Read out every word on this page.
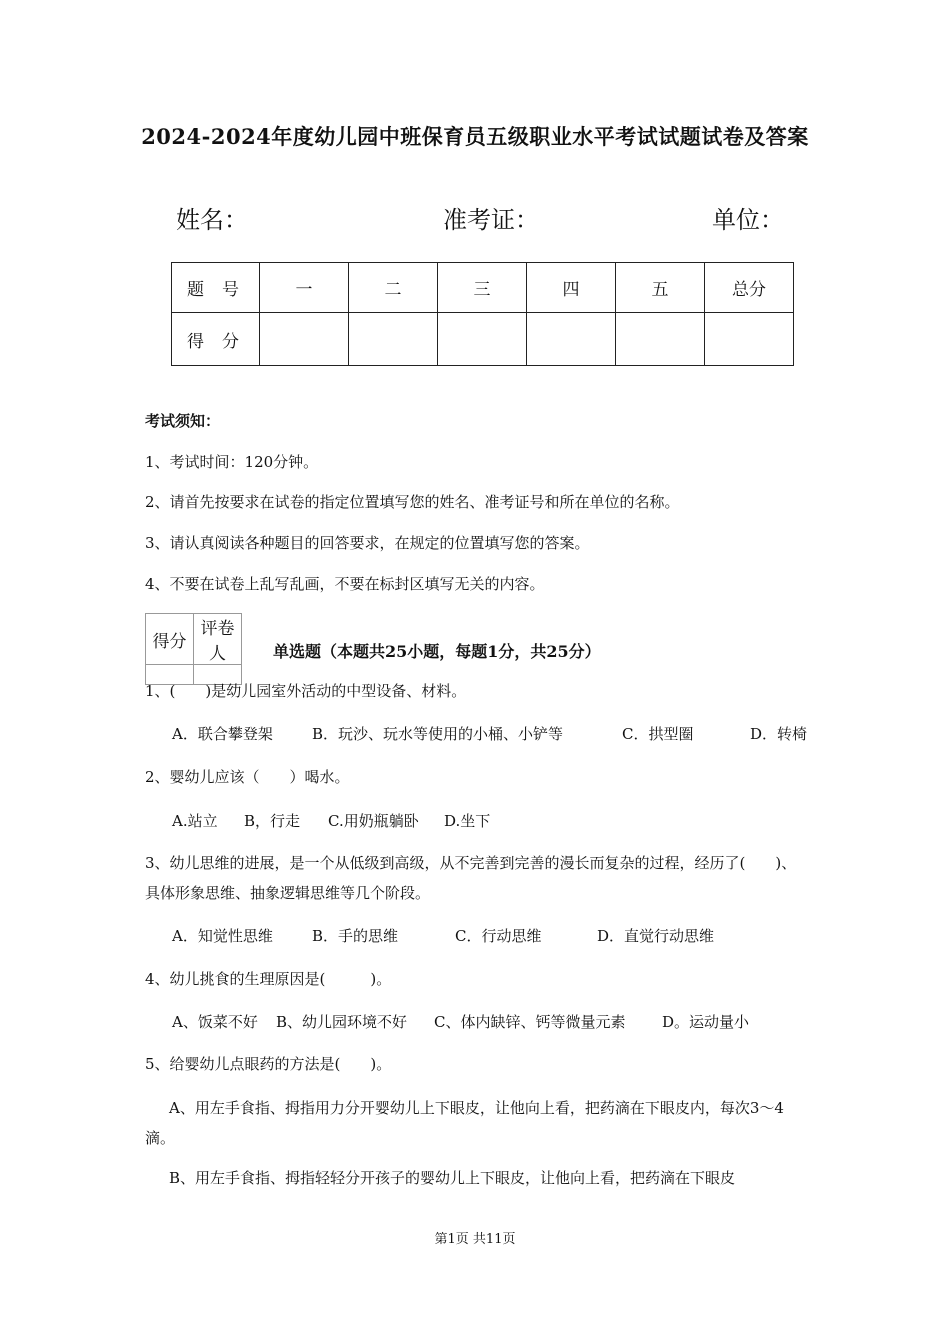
2024-2024年度幼儿园中班保育员五级职业水平考试试题试卷及答案
姓名：	准考证：	单位：
题号	一	二	三	四	五	总分
得分						
考试须知：
1、考试时间：120分钟。
2、请首先按要求在试卷的指定位置填写您的姓名、准考证号和所在单位的名称。
3、请认真阅读各种题目的回答要求，在规定的位置填写您的答案。
4、不要在试卷上乱写乱画，不要在标封区填写无关的内容。
得分	评卷人
		单选题（本题共25小题，每题1分，共25分）
1、(　　)是幼儿园室外活动的中型设备、材料。
A．联合攀登架	B．玩沙、玩水等使用的小桶、小铲等	C．拱型圈	D．转椅
2、婴幼儿应该（　　）喝水。
A.站立 B，行走 C.用奶瓶躺卧 D.坐下
3、幼儿思维的进展，是一个从低级到高级，从不完善到完善的漫长而复杂的过程，经历了(　　)、具体形象思维、抽象逻辑思维等几个阶段。
A．知觉性思维	B．手的思维	C．行动思维	D．直觉行动思维
4、幼儿挑食的生理原因是(　　　)。
A、饭菜不好 B、幼儿园环境不好 C、体内缺锌、钙等微量元素 D。运动量小
5、给婴幼儿点眼药的方法是(　　)。
A、用左手食指、拇指用力分开婴幼儿上下眼皮，让他向上看，把药滴在下眼皮内，每次3～4滴。
B、用左手食指、拇指轻轻分开孩子的婴幼儿上下眼皮，让他向上看，把药滴在下眼皮
第1页 共11页
